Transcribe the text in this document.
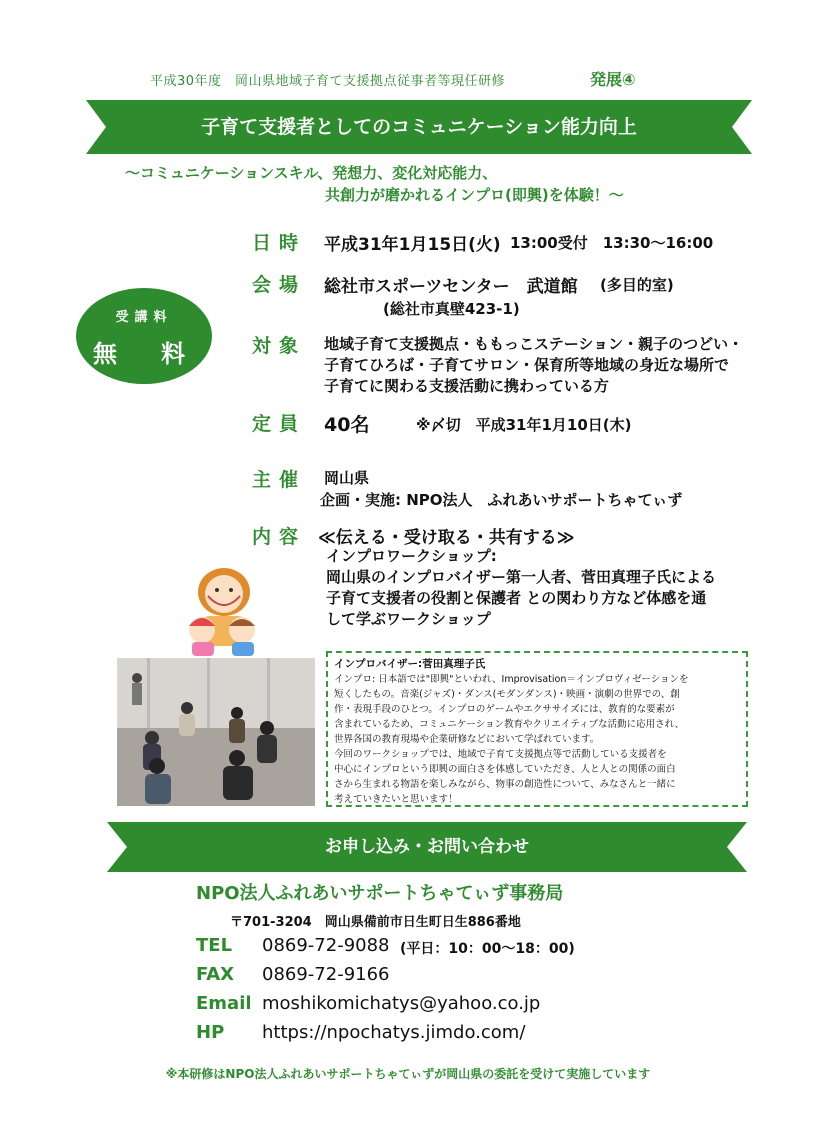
平成30年度　岡山県地域子育て支援拠点従事者等現任研修	発展④
子育て支援者としてのコミュニケーション能力向上
～コミュニケーションスキル、発想力、変化対応能力、
共創力が磨かれるインプロ(即興)を体験！～
受講料
無　料
日時 平成31年1月15日(火) 13:00受付　13:30～16:00
会場 総社市スポーツセンター　武道館 (多目的室)
(総社市真壁423-1)
対象 地域子育て支援拠点・ももっこステーション・親子のつどい・
子育てひろば・子育てサロン・保育所等地域の身近な場所で
子育てに関わる支援活動に携わっている方
定員 40名	※〆切　平成31年1月10日(木)
主催 岡山県
企画・実施: NPO法人　ふれあいサポートちゃてぃず
内容 ≪伝える・受け取る・共有する≫
インプロワークショップ:
岡山県のインプロバイザー第一人者、菅田真理子氏による
子育て支援者の役割と保護者 との関わり方など体感を通
して学ぶワークショップ
インプロバイザー:菅田真理子氏
インプロ: 日本語では"即興"といわれ、Improvisation＝インプロヴィゼーションを
短くしたもの。音楽(ジャズ)・ダンス(モダンダンス)・映画・演劇の世界での、創
作・表現手段のひとつ。インプロのゲームやエクササイズには、教育的な要素が
含まれているため、コミュニケーション教育やクリエイティブな活動に応用され、
世界各国の教育現場や企業研修などにおいて学ばれています。
今回のワークショップでは、地域で子育て支援拠点等で活動している支援者を
中心にインプロという即興の面白さを体感していただき、人と人との関係の面白
さから生まれる物語を楽しみながら、物事の創造性について、みなさんと一緒に
考えていきたいと思います！
お申し込み・お問い合わせ
NPO法人ふれあいサポートちゃてぃず事務局
〒701-3204　岡山県備前市日生町日生886番地
TEL 0869-72-9088 (平日：10：00～18：00)
FAX 0869-72-9166
Email moshikomichatys@yahoo.co.jp
HP https://npochatys.jimdo.com/
※本研修はNPO法人ふれあいサポートちゃてぃずが岡山県の委託を受けて実施しています
